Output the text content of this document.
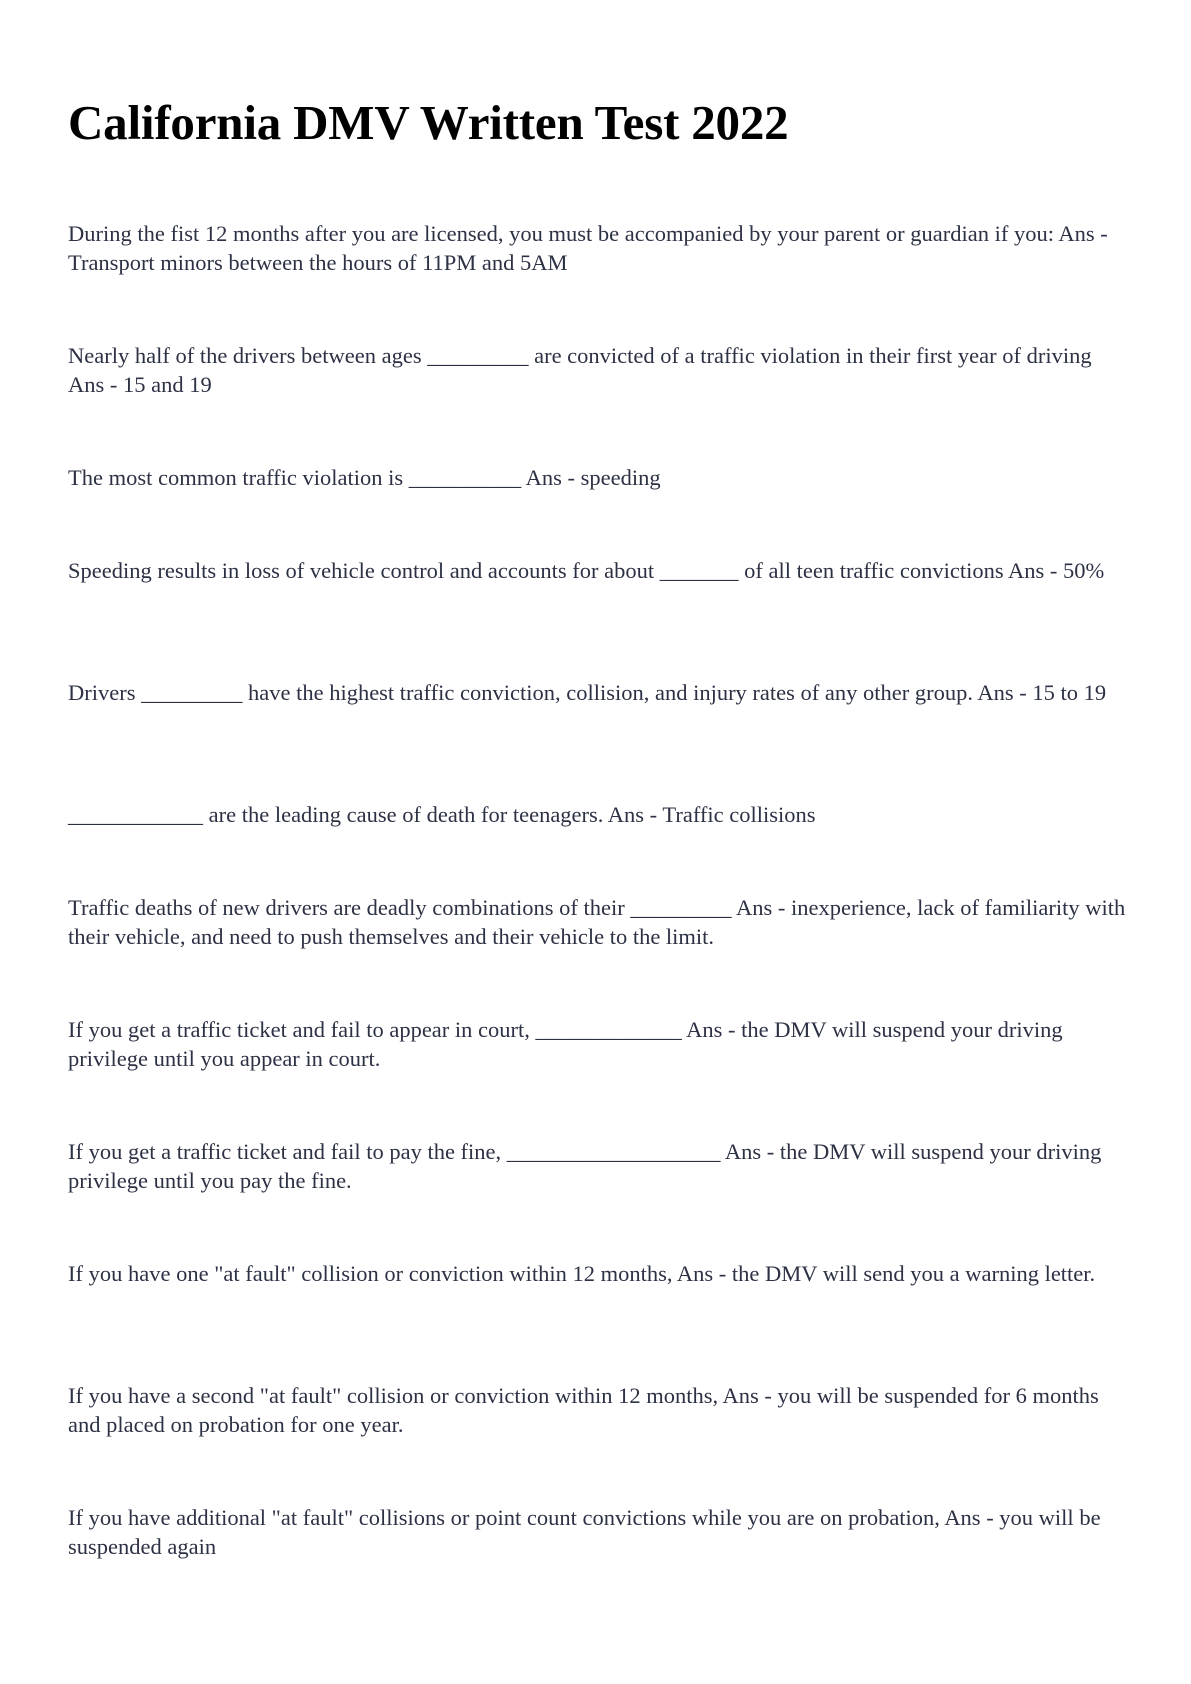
California DMV Written Test 2022

During the fist 12 months after you are licensed, you must be accompanied by your parent or guardian if you: Ans - Transport minors between the hours of 11PM and 5AM

Nearly half of the drivers between ages _________ are convicted of a traffic violation in their first year of driving Ans - 15 and 19

The most common traffic violation is __________ Ans - speeding

Speeding results in loss of vehicle control and accounts for about _______ of all teen traffic convictions Ans - 50%

Drivers _________ have the highest traffic conviction, collision, and injury rates of any other group. Ans - 15 to 19

____________ are the leading cause of death for teenagers. Ans - Traffic collisions

Traffic deaths of new drivers are deadly combinations of their _________ Ans - inexperience, lack of familiarity with their vehicle, and need to push themselves and their vehicle to the limit.

If you get a traffic ticket and fail to appear in court, _____________ Ans - the DMV will suspend your driving privilege until you appear in court.

If you get a traffic ticket and fail to pay the fine, ___________________ Ans - the DMV will suspend your driving privilege until you pay the fine.

If you have one "at fault" collision or conviction within 12 months, Ans - the DMV will send you a warning letter.

If you have a second "at fault" collision or conviction within 12 months, Ans - you will be suspended for 6 months and placed on probation for one year.

If you have additional "at fault" collisions or point count convictions while you are on probation, Ans - you will be suspended again
